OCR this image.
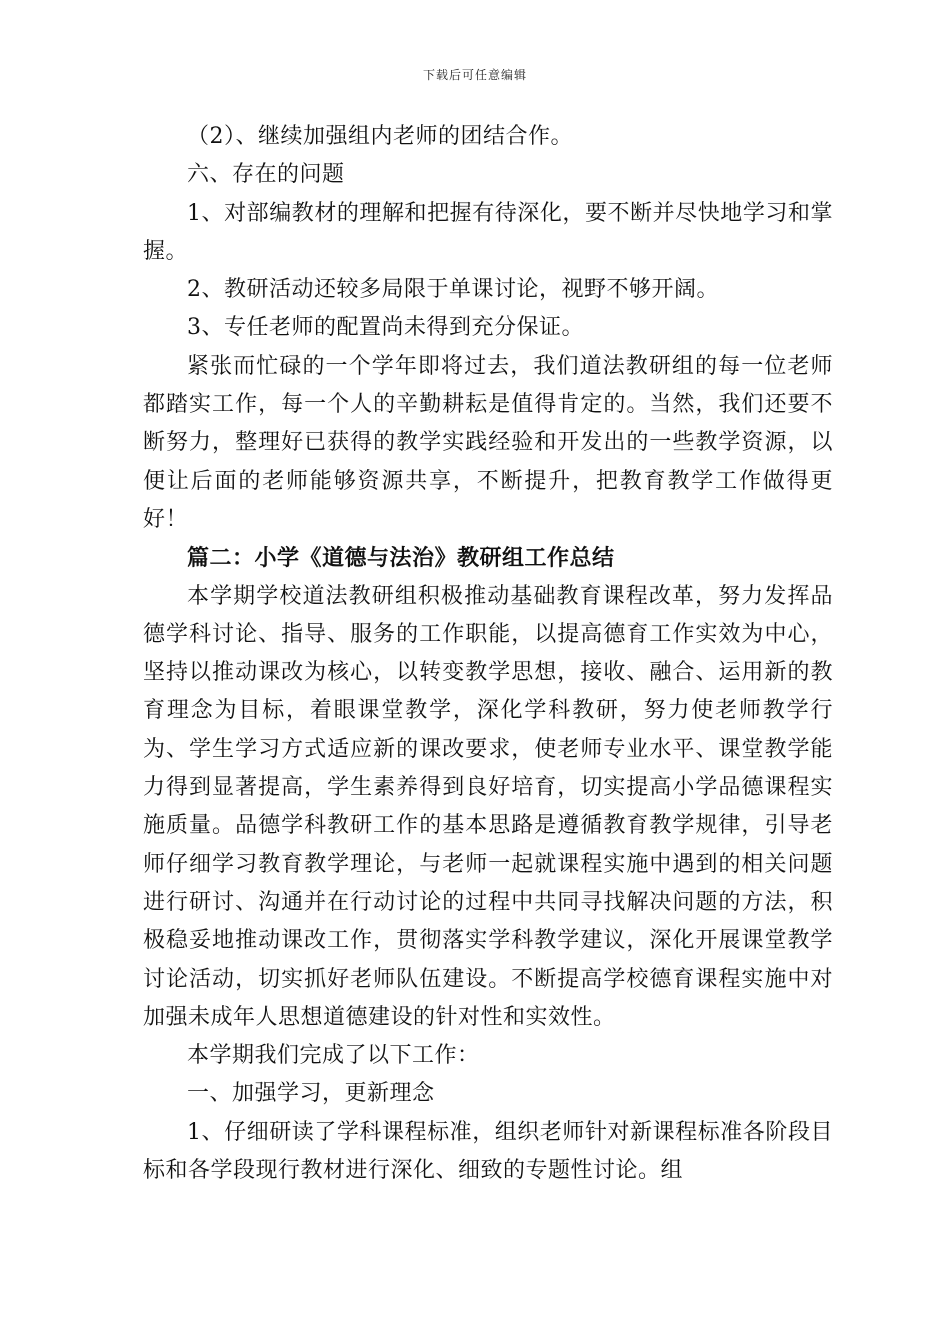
下载后可任意编辑

（2）、继续加强组内老师的团结合作。

六、存在的问题

1、对部编教材的理解和把握有待深化，要不断并尽快地学习和掌握。

2、教研活动还较多局限于单课讨论，视野不够开阔。

3、专任老师的配置尚未得到充分保证。

紧张而忙碌的一个学年即将过去，我们道法教研组的每一位老师都踏实工作，每一个人的辛勤耕耘是值得肯定的。当然，我们还要不断努力，整理好已获得的教学实践经验和开发出的一些教学资源，以便让后面的老师能够资源共享，不断提升，把教育教学工作做得更好！

篇二：小学《道德与法治》教研组工作总结

本学期学校道法教研组积极推动基础教育课程改革，努力发挥品德学科讨论、指导、服务的工作职能，以提高德育工作实效为中心，坚持以推动课改为核心，以转变教学思想，接收、融合、运用新的教育理念为目标，着眼课堂教学，深化学科教研，努力使老师教学行为、学生学习方式适应新的课改要求，使老师专业水平、课堂教学能力得到显著提高，学生素养得到良好培育，切实提高小学品德课程实施质量。品德学科教研工作的基本思路是遵循教育教学规律，引导老师仔细学习教育教学理论，与老师一起就课程实施中遇到的相关问题进行研讨、沟通并在行动讨论的过程中共同寻找解决问题的方法，积极稳妥地推动课改工作，贯彻落实学科教学建议，深化开展课堂教学讨论活动，切实抓好老师队伍建设。不断提高学校德育课程实施中对加强未成年人思想道德建设的针对性和实效性。

本学期我们完成了以下工作：

一、加强学习，更新理念

1、仔细研读了学科课程标准，组织老师针对新课程标准各阶段目标和各学段现行教材进行深化、细致的专题性讨论。组
